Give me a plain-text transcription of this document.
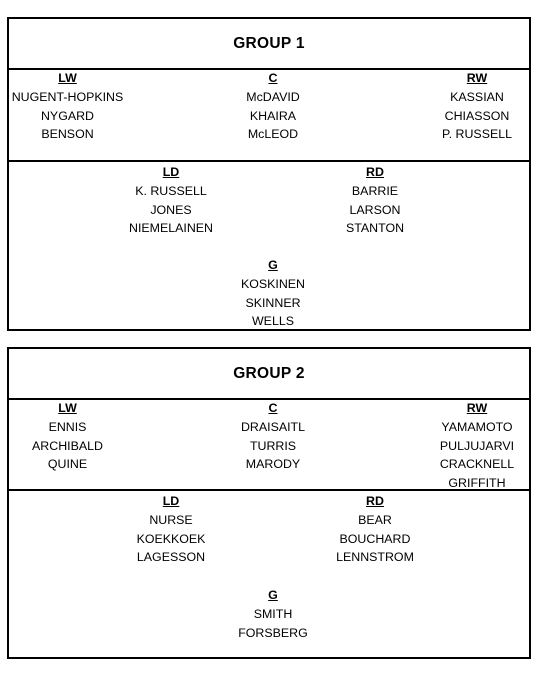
GROUP 1
LW
NUGENT-HOPKINS
NYGARD
BENSON
C
McDAVID
KHAIRA
McLEOD
RW
KASSIAN
CHIASSON
P. RUSSELL
LD
K. RUSSELL
JONES
NIEMELAINEN
RD
BARRIE
LARSON
STANTON
G
KOSKINEN
SKINNER
WELLS
GROUP 2
LW
ENNIS
ARCHIBALD
QUINE
C
DRAISAITL
TURRIS
MARODY
RW
YAMAMOTO
PULJUJARVI
CRACKNELL
GRIFFITH
LD
NURSE
KOEKKOEK
LAGESSON
RD
BEAR
BOUCHARD
LENNSTROM
G
SMITH
FORSBERG
